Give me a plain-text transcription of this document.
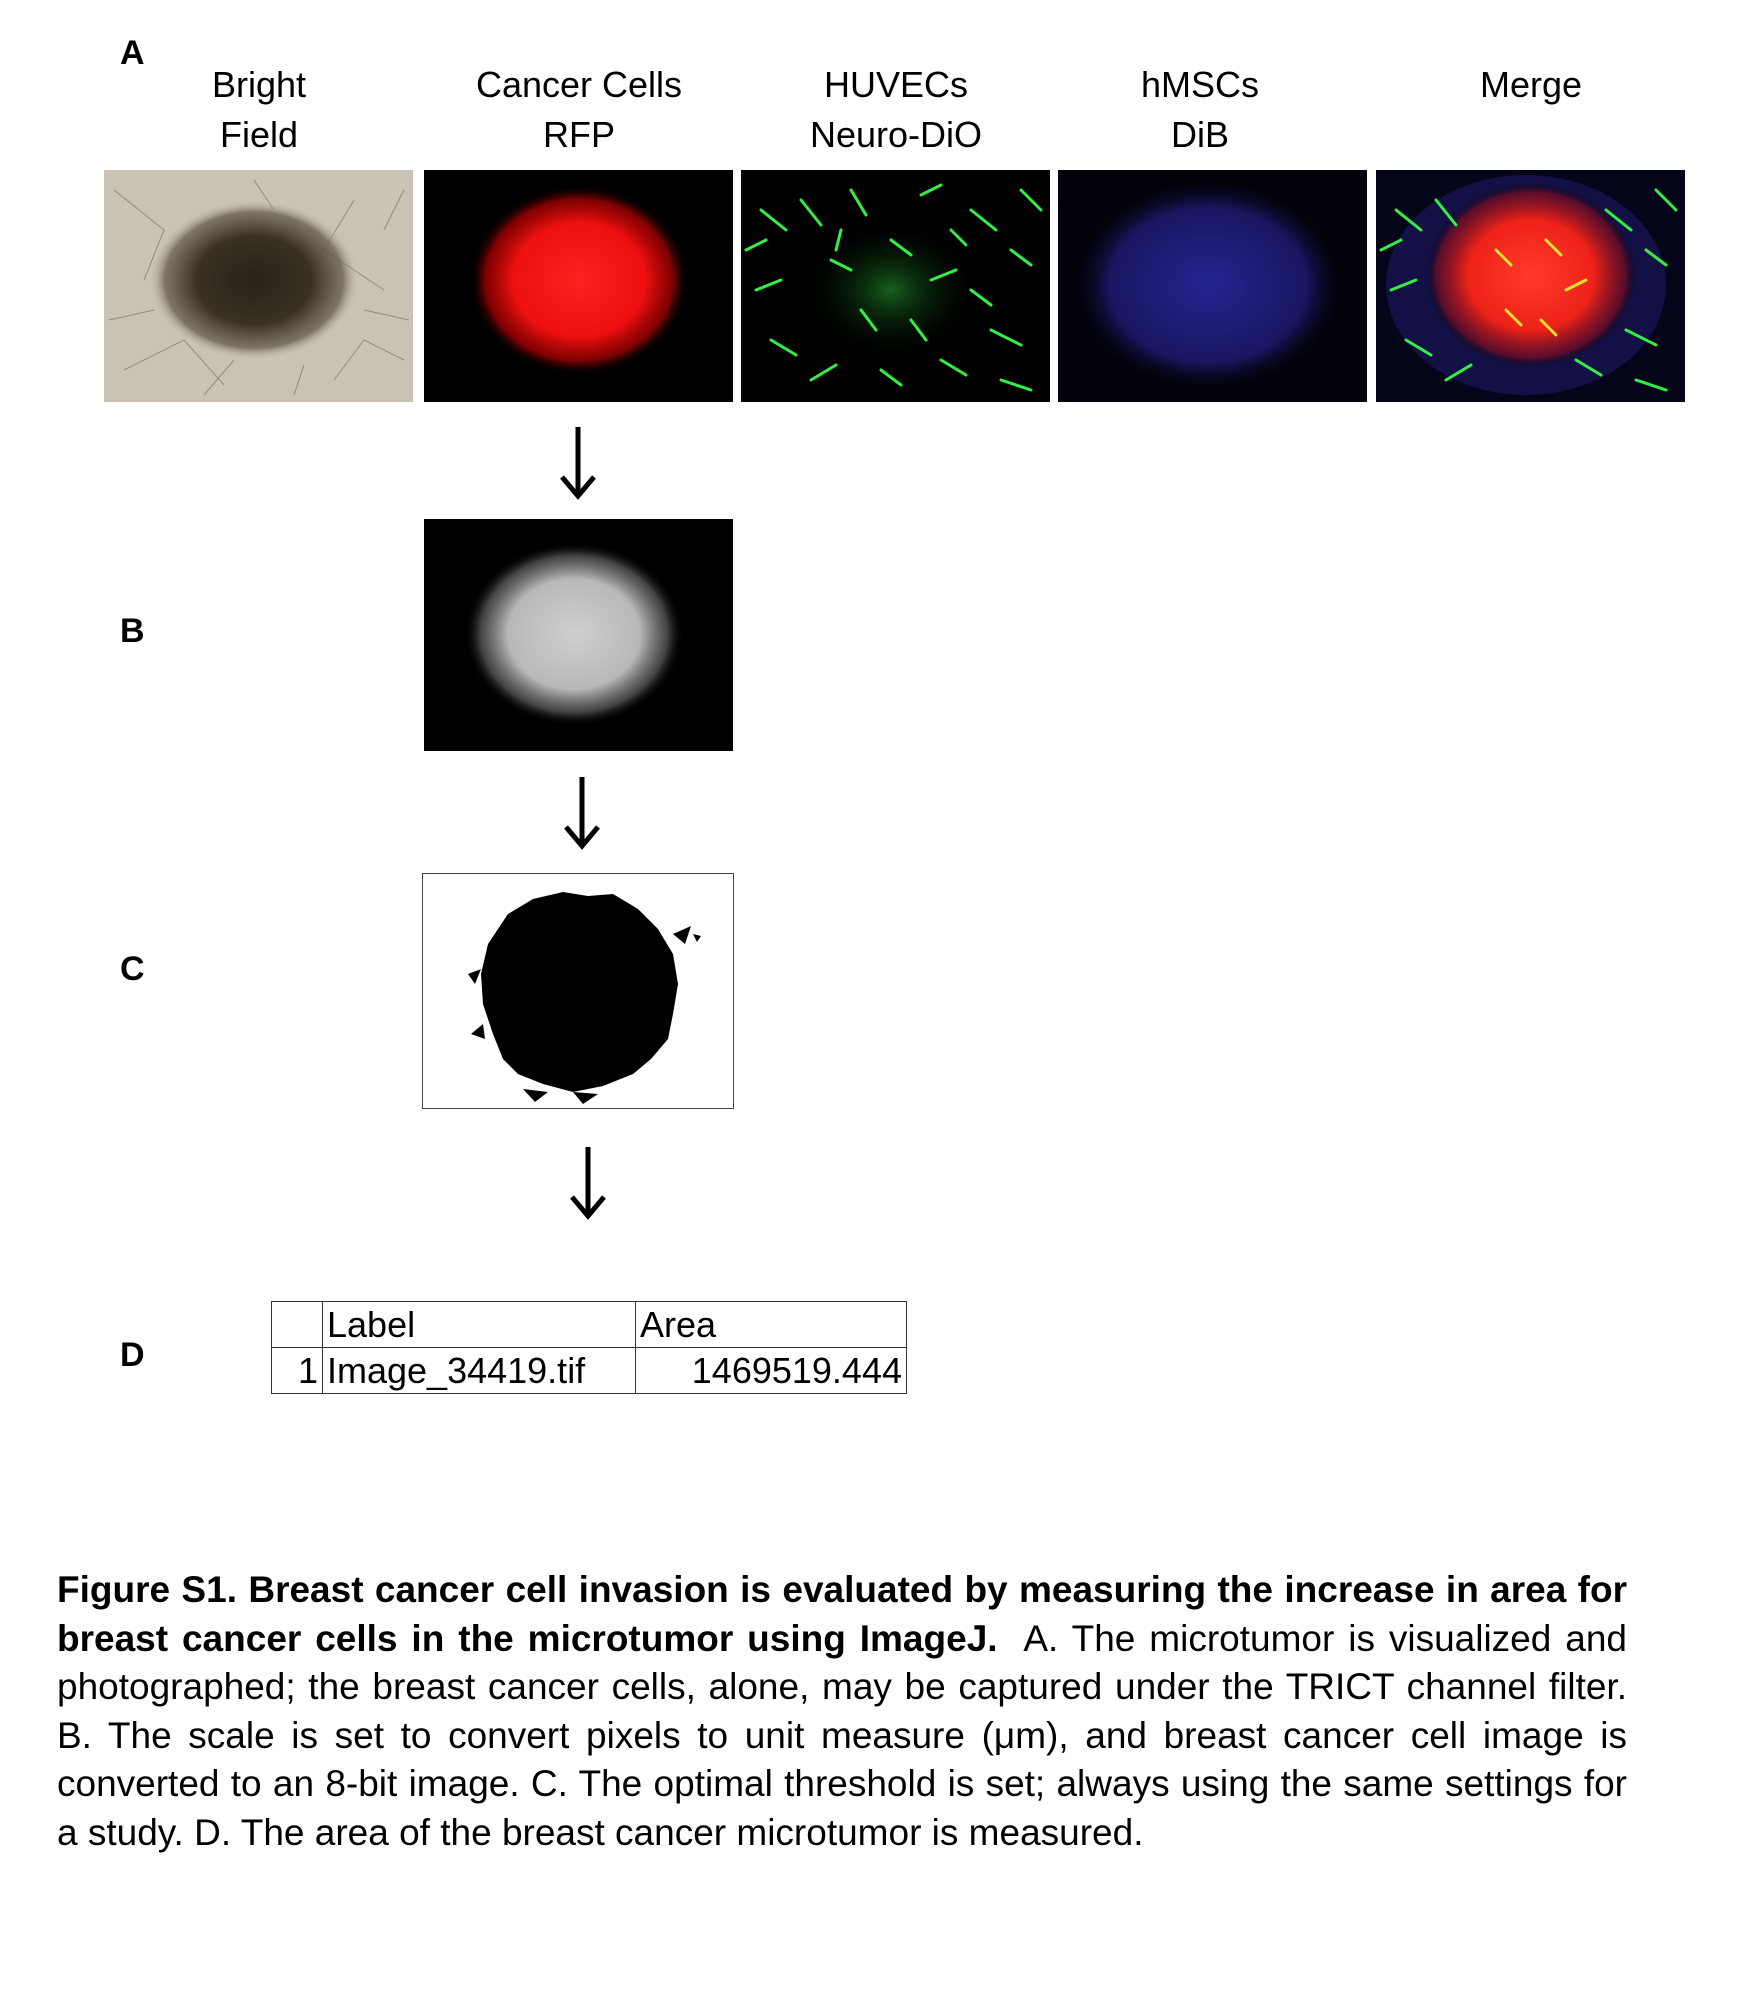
A
B
C
D
Bright
Field
Cancer Cells
RFP
HUVECs
Neuro-DiO
hMSCs
DiB
Merge
	Label	Area
1	Image_34419.tif	1469519.444
Figure S1. Breast cancer cell invasion is evaluated by measuring the increase in area for breast cancer cells in the microtumor using ImageJ. A. The microtumor is visualized and photographed; the breast cancer cells, alone, may be captured under the TRICT channel filter. B. The scale is set to convert pixels to unit measure (μm), and breast cancer cell image is converted to an 8-bit image. C. The optimal threshold is set; always using the same settings for a study. D. The area of the breast cancer microtumor is measured.
